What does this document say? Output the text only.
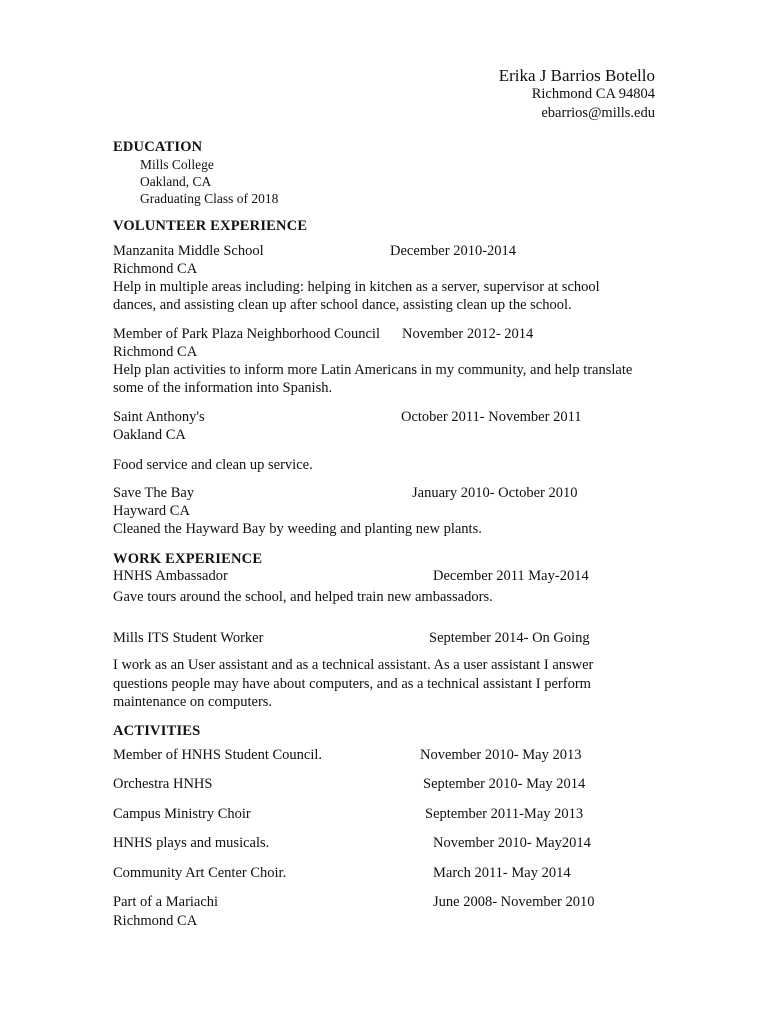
Erika J Barrios Botello
Richmond CA 94804
ebarrios@mills.edu
EDUCATION
Mills College
Oakland, CA
Graduating Class of 2018
VOLUNTEER EXPERIENCE
Manzanita Middle School	December 2010-2014
Richmond CA
Help in multiple areas including: helping in kitchen as a server, supervisor at school
dances, and assisting clean up after school dance, assisting clean up the school.
Member of Park Plaza Neighborhood Council November 2012- 2014
Richmond CA
Help plan activities to inform more Latin Americans in my community, and help translate
some of the information into Spanish.
Saint Anthony's	October 2011- November 2011
Oakland CA
Food service and clean up service.
Save The Bay	January 2010- October 2010
Hayward CA
Cleaned the Hayward Bay by weeding and planting new plants.
WORK EXPERIENCE
HNHS Ambassador	December 2011 May-2014
Gave tours around the school, and helped train new ambassadors.
Mills ITS Student Worker	September 2014- On Going
I work as an User assistant and as a technical assistant. As a user assistant I answer
questions people may have about computers, and as a technical assistant I perform
maintenance on computers.
ACTIVITIES
Member of HNHS Student Council.	November 2010- May 2013
Orchestra HNHS	September 2010- May 2014
Campus Ministry Choir	September 2011-May 2013
HNHS plays and musicals.	November 2010- May2014
Community Art Center Choir.	March 2011- May 2014
Part of a Mariachi	June 2008- November 2010
Richmond CA
